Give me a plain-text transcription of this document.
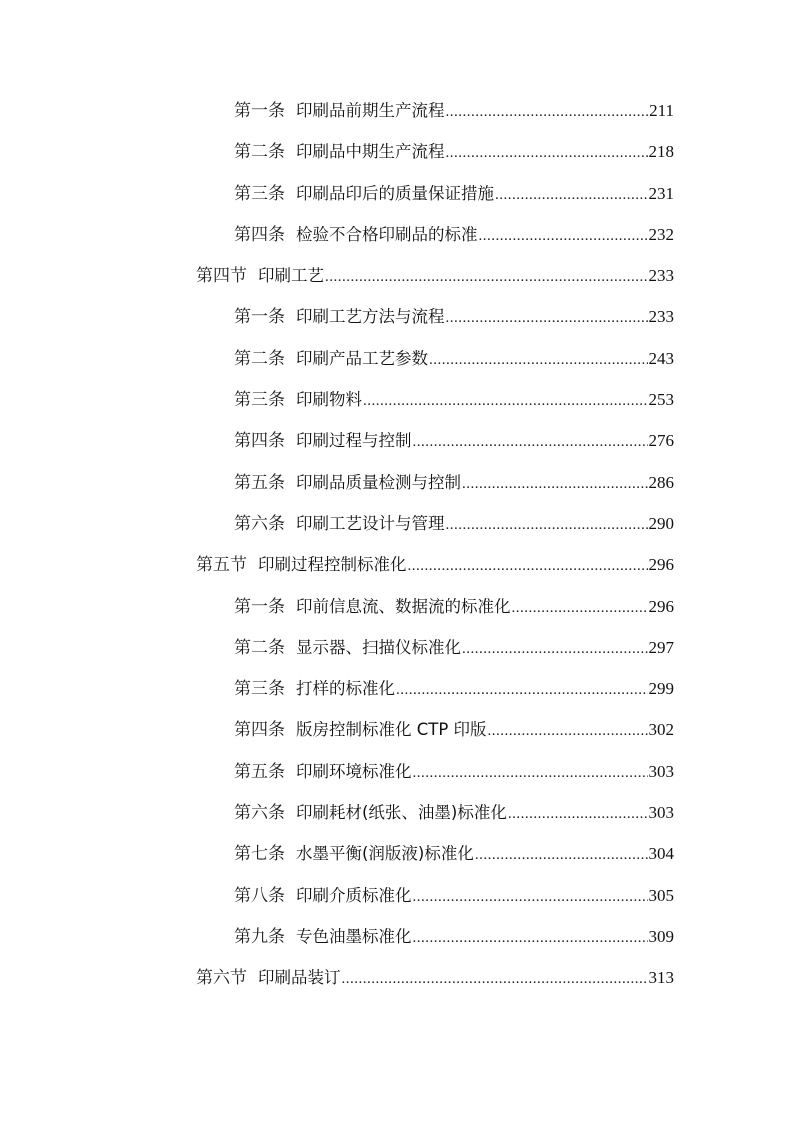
第一条 印刷品前期生产流程 .....	211
第二条 印刷品中期生产流程 .....	218
第三条 印刷品印后的质量保证措施 .....	231
第四条 检验不合格印刷品的标准 .....	232
第四节 印刷工艺 .....	233
第一条 印刷工艺方法与流程 .....	233
第二条 印刷产品工艺参数 .....	243
第三条 印刷物料 .....	253
第四条 印刷过程与控制 .....	276
第五条 印刷品质量检测与控制 .....	286
第六条 印刷工艺设计与管理 .....	290
第五节 印刷过程控制标准化 .....	296
第一条 印前信息流、数据流的标准化 .....	296
第二条 显示器、扫描仪标准化 .....	297
第三条 打样的标准化 .....	299
第四条 版房控制标准化 CTP 印版 .....	302
第五条 印刷环境标准化 .....	303
第六条 印刷耗材(纸张、油墨)标准化 .....	303
第七条 水墨平衡(润版液)标准化 .....	304
第八条 印刷介质标准化 .....	305
第九条 专色油墨标准化 .....	309
第六节 印刷品装订 .....	313
